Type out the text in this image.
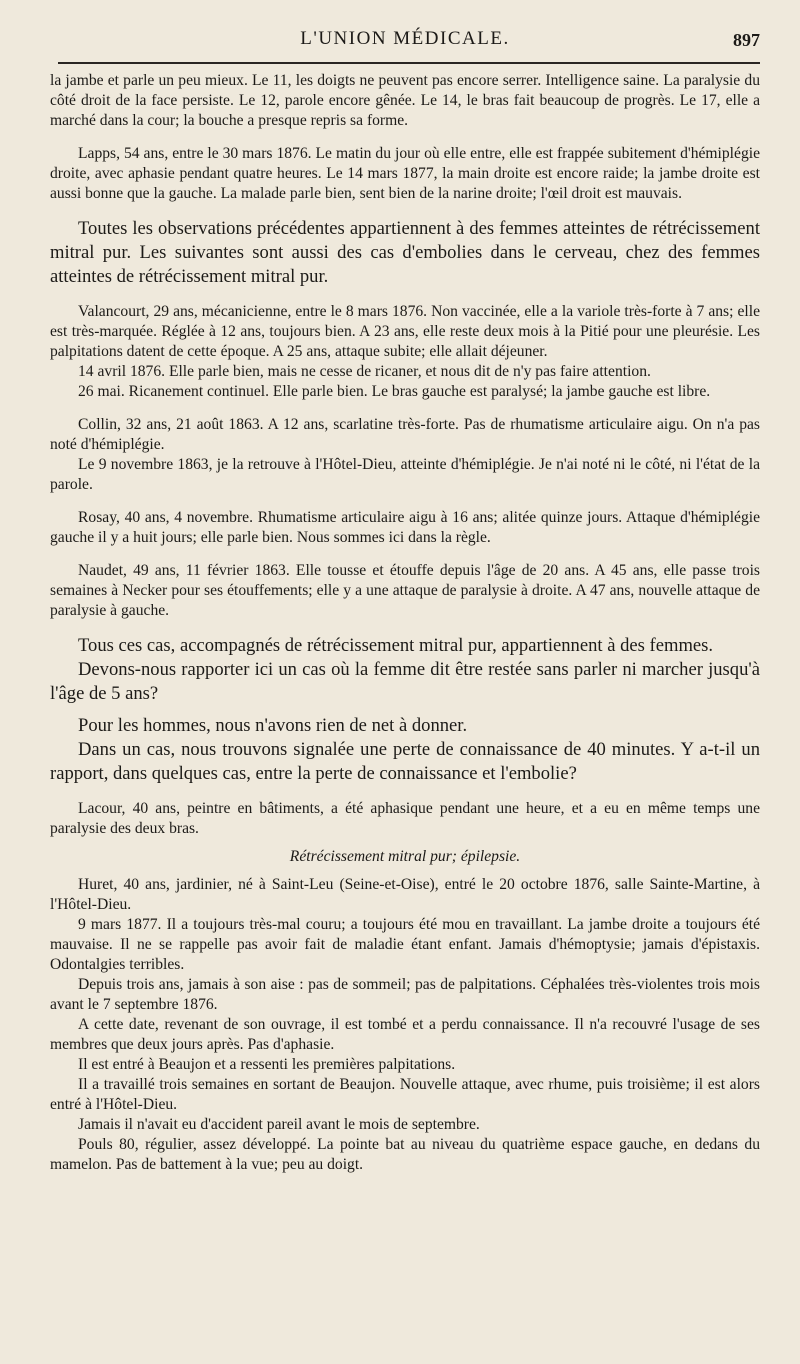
L'UNION MÉDICALE.	897

la jambe et parle un peu mieux. Le 11, les doigts ne peuvent pas encore serrer. Intelligence saine. La paralysie du côté droit de la face persiste. Le 12, parole encore gênée. Le 14, le bras fait beaucoup de progrès. Le 17, elle a marché dans la cour; la bouche a presque repris sa forme.

Lapps, 54 ans, entre le 30 mars 1876. Le matin du jour où elle entre, elle est frappée subitement d'hémiplégie droite, avec aphasie pendant quatre heures. Le 14 mars 1877, la main droite est encore raide; la jambe droite est aussi bonne que la gauche. La malade parle bien, sent bien de la narine droite; l'œil droit est mauvais.

Toutes les observations précédentes appartiennent à des femmes atteintes de rétrécissement mitral pur. Les suivantes sont aussi des cas d'embolies dans le cerveau, chez des femmes atteintes de rétrécissement mitral pur.

Valancourt, 29 ans, mécanicienne, entre le 8 mars 1876. Non vaccinée, elle a la variole très-forte à 7 ans; elle est très-marquée. Réglée à 12 ans, toujours bien. A 23 ans, elle reste deux mois à la Pitié pour une pleurésie. Les palpitations datent de cette époque. A 25 ans, attaque subite; elle allait déjeuner.

14 avril 1876. Elle parle bien, mais ne cesse de ricaner, et nous dit de n'y pas faire attention.

26 mai. Ricanement continuel. Elle parle bien. Le bras gauche est paralysé; la jambe gauche est libre.

Collin, 32 ans, 21 août 1863. A 12 ans, scarlatine très-forte. Pas de rhumatisme articulaire aigu. On n'a pas noté d'hémiplégie.

Le 9 novembre 1863, je la retrouve à l'Hôtel-Dieu, atteinte d'hémiplégie. Je n'ai noté ni le côté, ni l'état de la parole.

Rosay, 40 ans, 4 novembre. Rhumatisme articulaire aigu à 16 ans; alitée quinze jours. Attaque d'hémiplégie gauche il y a huit jours; elle parle bien. Nous sommes ici dans la règle.

Naudet, 49 ans, 11 février 1863. Elle tousse et étouffe depuis l'âge de 20 ans. A 45 ans, elle passe trois semaines à Necker pour ses étouffements; elle y a une attaque de paralysie à droite. A 47 ans, nouvelle attaque de paralysie à gauche.

Tous ces cas, accompagnés de rétrécissement mitral pur, appartiennent à des femmes.

Devons-nous rapporter ici un cas où la femme dit être restée sans parler ni marcher jusqu'à l'âge de 5 ans?

Pour les hommes, nous n'avons rien de net à donner.

Dans un cas, nous trouvons signalée une perte de connaissance de 40 minutes. Y a-t-il un rapport, dans quelques cas, entre la perte de connaissance et l'embolie?

Lacour, 40 ans, peintre en bâtiments, a été aphasique pendant une heure, et a eu en même temps une paralysie des deux bras.

Rétrécissement mitral pur; épilepsie.

Huret, 40 ans, jardinier, né à Saint-Leu (Seine-et-Oise), entré le 20 octobre 1876, salle Sainte-Martine, à l'Hôtel-Dieu.

9 mars 1877. Il a toujours très-mal couru; a toujours été mou en travaillant. La jambe droite a toujours été mauvaise. Il ne se rappelle pas avoir fait de maladie étant enfant. Jamais d'hémoptysie; jamais d'épistaxis. Odontalgies terribles.

Depuis trois ans, jamais à son aise : pas de sommeil; pas de palpitations. Céphalées très-violentes trois mois avant le 7 septembre 1876.

A cette date, revenant de son ouvrage, il est tombé et a perdu connaissance. Il n'a recouvré l'usage de ses membres que deux jours après. Pas d'aphasie.

Il est entré à Beaujon et a ressenti les premières palpitations.

Il a travaillé trois semaines en sortant de Beaujon. Nouvelle attaque, avec rhume, puis troisième; il est alors entré à l'Hôtel-Dieu.

Jamais il n'avait eu d'accident pareil avant le mois de septembre.

Pouls 80, régulier, assez développé. La pointe bat au niveau du quatrième espace gauche, en dedans du mamelon. Pas de battement à la vue; peu au doigt.
